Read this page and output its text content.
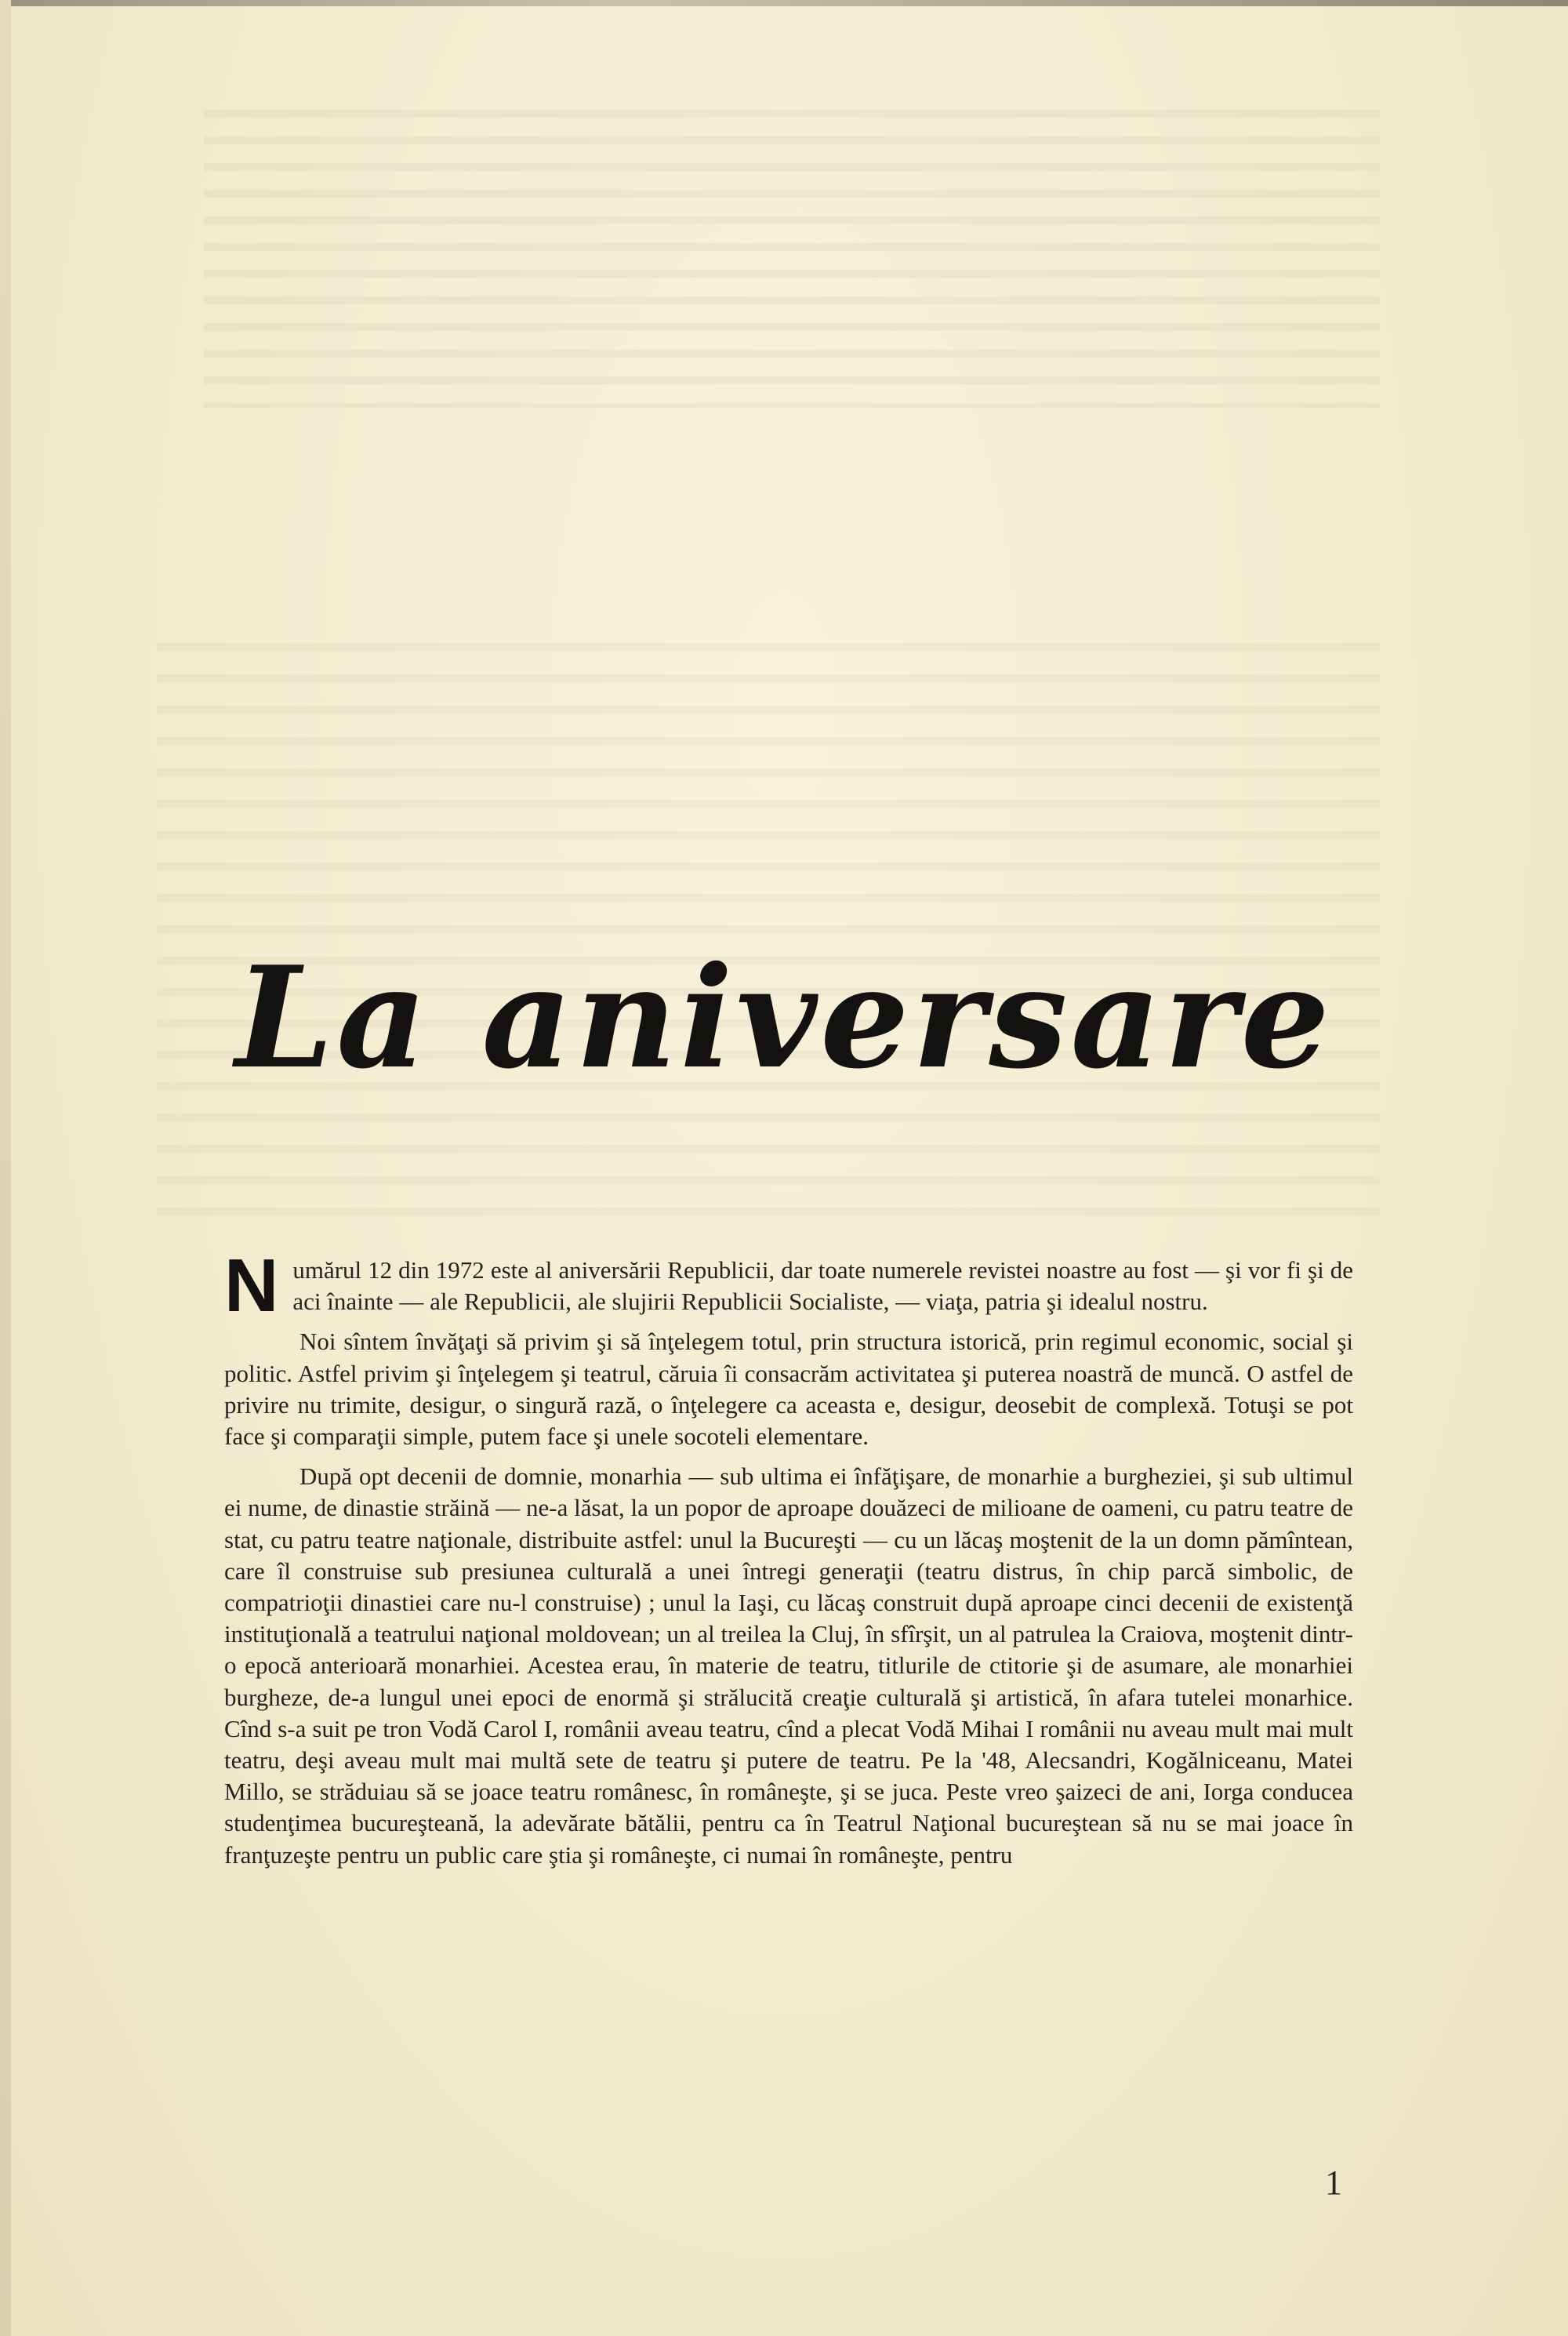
La aniversare

Numărul 12 din 1972 este al aniversării Republicii, dar toate numerele revistei noastre au fost — şi vor fi şi de aci înainte — ale Republicii, ale slujirii Republicii Socialiste, — viaţa, patria şi idealul nostru.

Noi sîntem învăţaţi să privim şi să înţelegem totul, prin structura istorică, prin regimul economic, social şi politic. Astfel privim şi înţelegem şi teatrul, căruia îi consacrăm activitatea şi puterea noastră de muncă. O astfel de privire nu trimite, desigur, o singură rază, o înţelegere ca aceasta e, desigur, deosebit de complexă. Totuşi se pot face şi comparaţii simple, putem face şi unele socoteli elementare.

După opt decenii de domnie, monarhia — sub ultima ei înfăţişare, de monarhie a burgheziei, şi sub ultimul ei nume, de dinastie străină — ne-a lăsat, la un popor de aproape douăzeci de milioane de oameni, cu patru teatre de stat, cu patru teatre naţionale, distribuite astfel: unul la Bucureşti — cu un lăcaş moştenit de la un domn pămîntean, care îl construise sub presiunea culturală a unei întregi generaţii (teatru distrus, în chip parcă simbolic, de compatrioţii dinastiei care nu-l construise) ; unul la Iaşi, cu lăcaş construit după aproape cinci decenii de existenţă instituţională a teatrului naţional moldovean; un al treilea la Cluj, în sfîrşit, un al patrulea la Craiova, moştenit dintr-o epocă anterioară monarhiei. Acestea erau, în materie de teatru, titlurile de ctitorie şi de asumare, ale monarhiei burgheze, de-a lungul unei epoci de enormă şi strălucită creaţie culturală şi artistică, în afara tutelei monarhice. Cînd s-a suit pe tron Vodă Carol I, românii aveau teatru, cînd a plecat Vodă Mihai I românii nu aveau mult mai mult teatru, deşi aveau mult mai multă sete de teatru şi putere de teatru. Pe la '48, Alecsandri, Kogălniceanu, Matei Millo, se străduiau să se joace teatru românesc, în româneşte, şi se juca. Peste vreo şaizeci de ani, Iorga conducea studenţimea bucureşteană, la adevărate bătălii, pentru ca în Teatrul Naţional bucureştean să nu se mai joace în franţuzeşte pentru un public care ştia şi româneşte, ci numai în româneşte, pentru

1
